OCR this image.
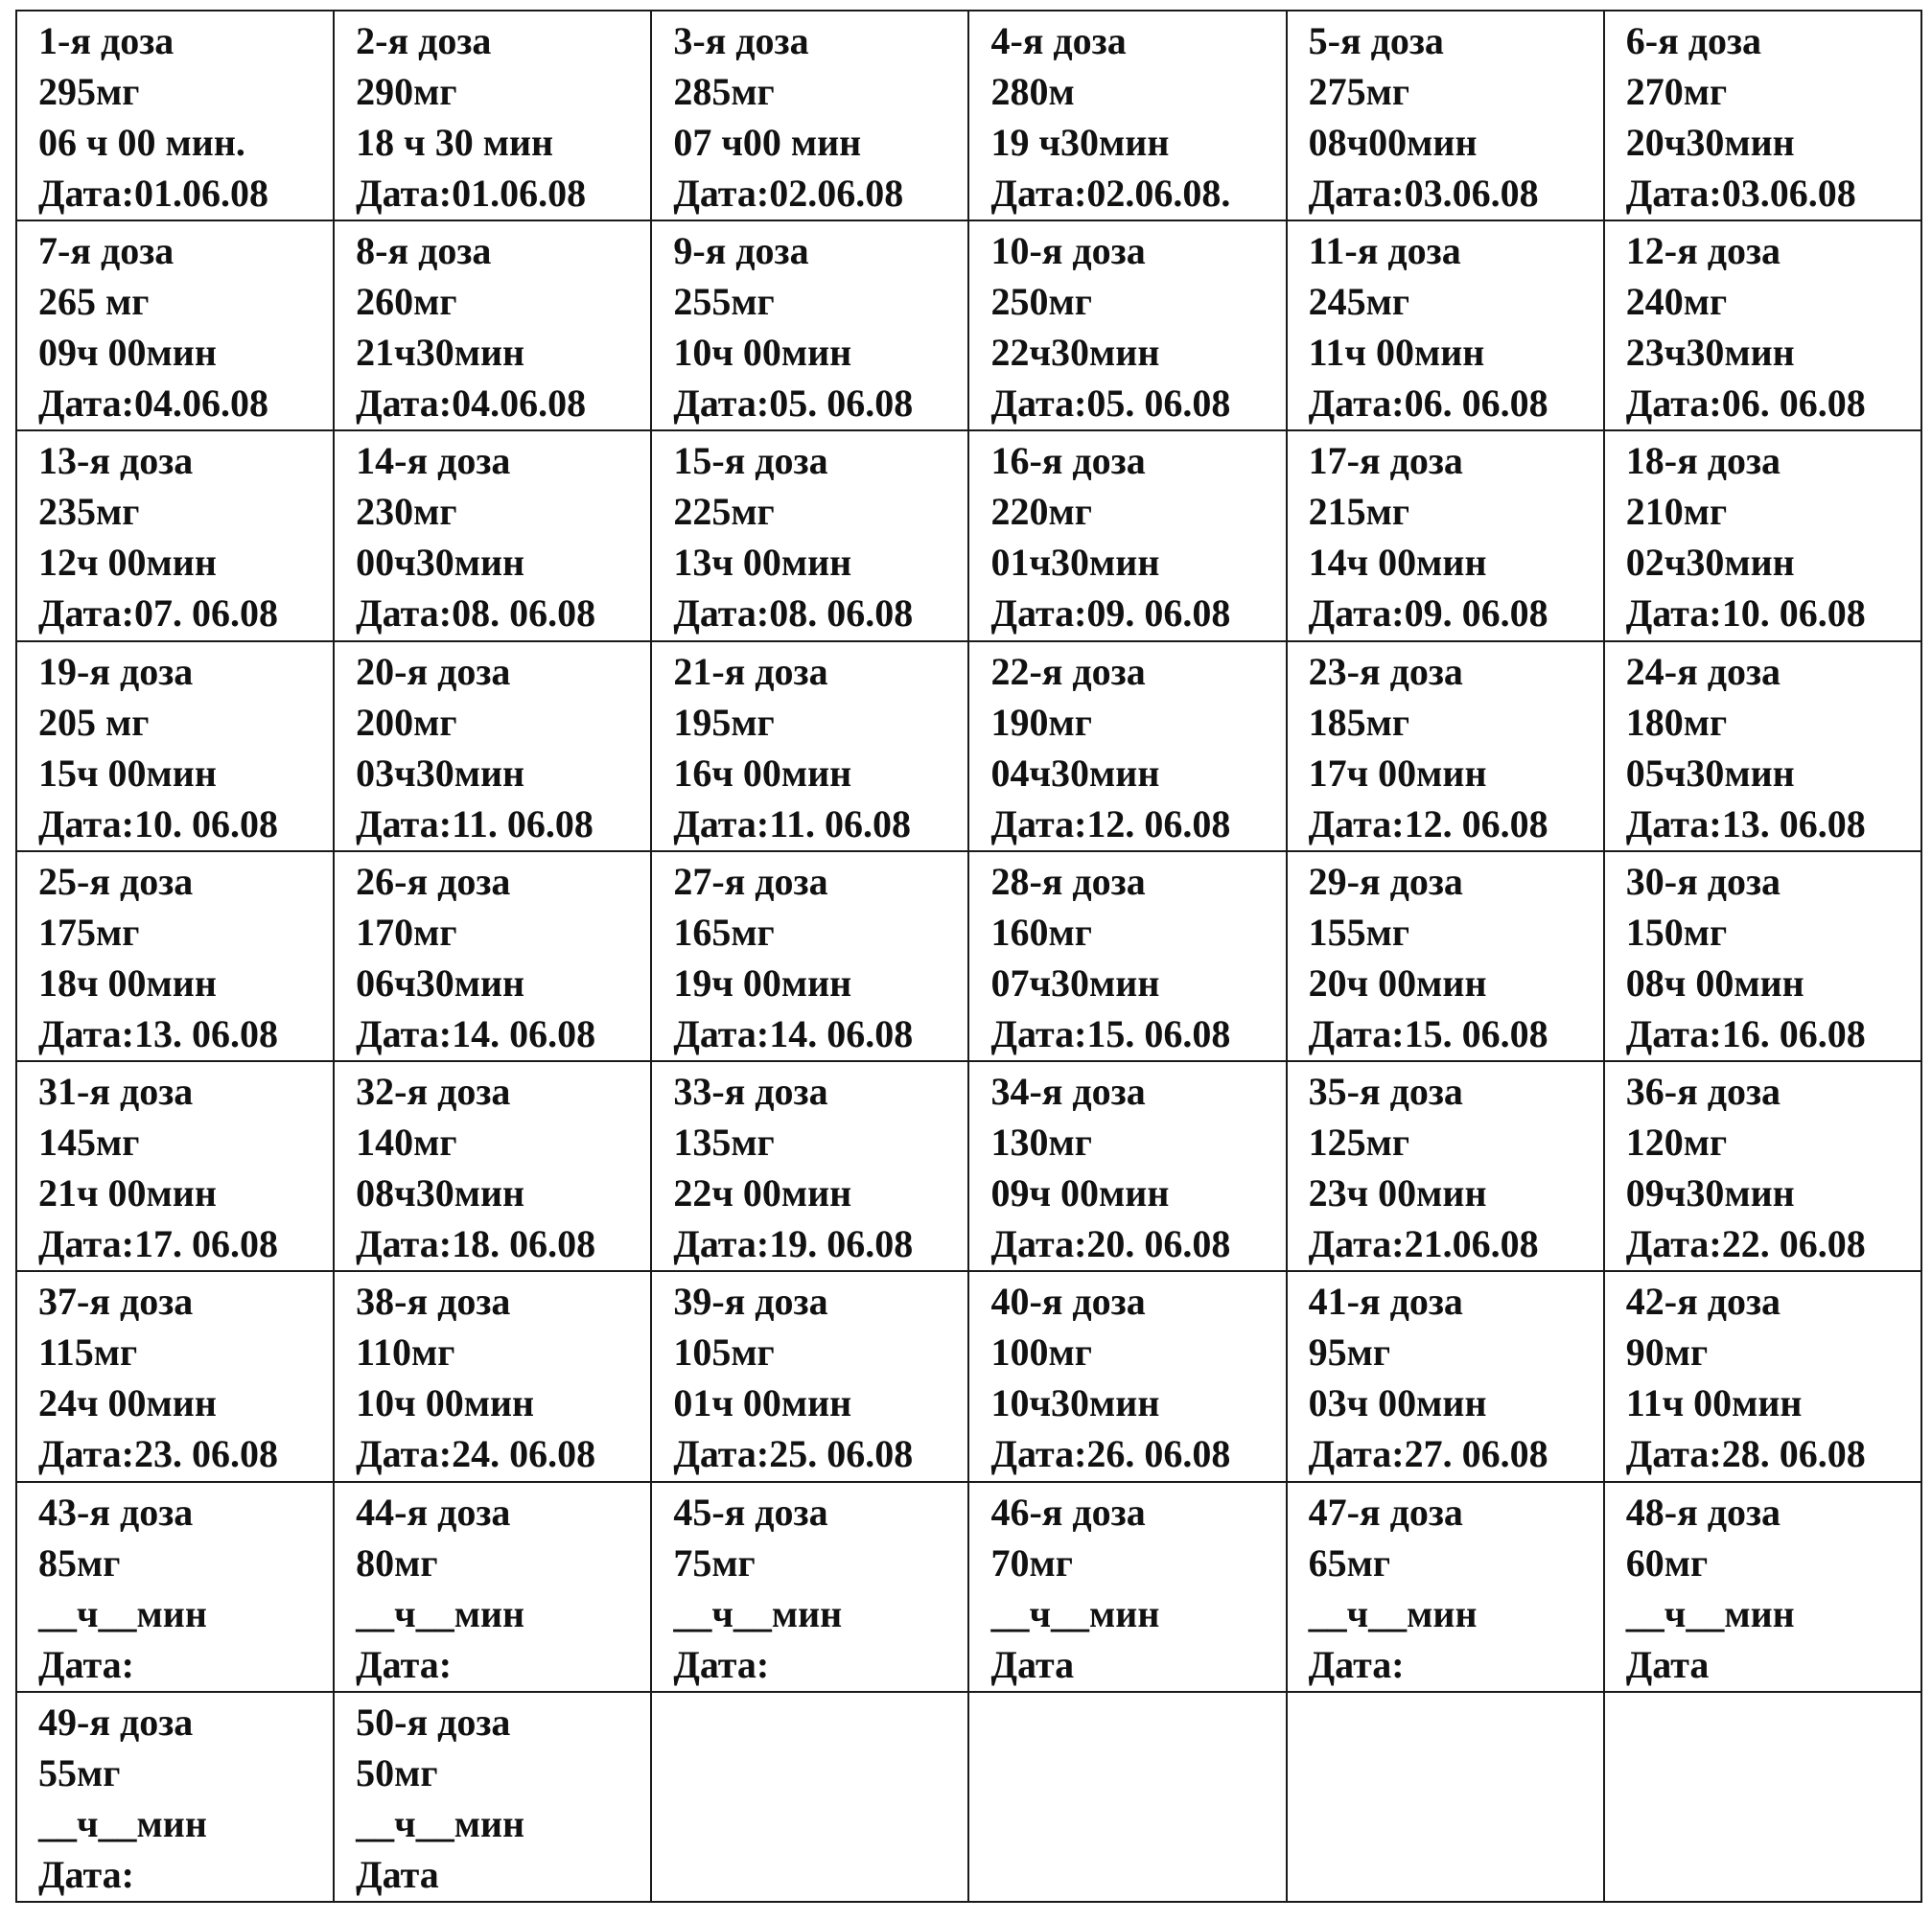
1-я доза
295мг
06 ч 00 мин.
Дата:01.06.08	2-я доза
290мг
18 ч 30 мин
Дата:01.06.08	3-я доза
285мг
07 ч00 мин
Дата:02.06.08	4-я доза
280м
19 ч30мин
Дата:02.06.08.	5-я доза
275мг
08ч00мин
Дата:03.06.08	6-я доза
270мг
20ч30мин
Дата:03.06.08

7-я доза
265 мг
09ч 00мин
Дата:04.06.08	8-я доза
260мг
21ч30мин
Дата:04.06.08	9-я доза
255мг
10ч 00мин
Дата:05. 06.08	10-я доза
250мг
22ч30мин
Дата:05. 06.08	11-я доза
245мг
11ч 00мин
Дата:06. 06.08	12-я доза
240мг
23ч30мин
Дата:06. 06.08

13-я доза
235мг
12ч 00мин
Дата:07. 06.08	14-я доза
230мг
00ч30мин
Дата:08. 06.08	15-я доза
225мг
13ч 00мин
Дата:08. 06.08	16-я доза
220мг
01ч30мин
Дата:09. 06.08	17-я доза
215мг
14ч 00мин
Дата:09. 06.08	18-я доза
210мг
02ч30мин
Дата:10. 06.08

19-я доза
205 мг
15ч 00мин
Дата:10. 06.08	20-я доза
200мг
03ч30мин
Дата:11. 06.08	21-я доза
195мг
16ч 00мин
Дата:11. 06.08	22-я доза
190мг
04ч30мин
Дата:12. 06.08	23-я доза
185мг
17ч 00мин
Дата:12. 06.08	24-я доза
180мг
05ч30мин
Дата:13. 06.08

25-я доза
175мг
18ч 00мин
Дата:13. 06.08	26-я доза
170мг
06ч30мин
Дата:14. 06.08	27-я доза
165мг
19ч 00мин
Дата:14. 06.08	28-я доза
160мг
07ч30мин
Дата:15. 06.08	29-я доза
155мг
20ч 00мин
Дата:15. 06.08	30-я доза
150мг
08ч 00мин
Дата:16. 06.08

31-я доза
145мг
21ч 00мин
Дата:17. 06.08	32-я доза
140мг
08ч30мин
Дата:18. 06.08	33-я доза
135мг
22ч 00мин
Дата:19. 06.08	34-я доза
130мг
09ч 00мин
Дата:20. 06.08	35-я доза
125мг
23ч 00мин
Дата:21.06.08	36-я доза
120мг
09ч30мин
Дата:22. 06.08

37-я доза
115мг
24ч 00мин
Дата:23. 06.08	38-я доза
110мг
10ч 00мин
Дата:24. 06.08	39-я доза
105мг
01ч 00мин
Дата:25. 06.08	40-я доза
100мг
10ч30мин
Дата:26. 06.08	41-я доза
95мг
03ч 00мин
Дата:27. 06.08	42-я доза
90мг
11ч 00мин
Дата:28. 06.08

43-я доза
85мг
__ч__мин
Дата:	44-я доза
80мг
__ч__мин
Дата:	45-я доза
75мг
__ч__мин
Дата:	46-я доза
70мг
__ч__мин
Дата	47-я доза
65мг
__ч__мин
Дата:	48-я доза
60мг
__ч__мин
Дата

49-я доза
55мг
__ч__мин
Дата:	50-я доза
50мг
__ч__мин
Дата				
